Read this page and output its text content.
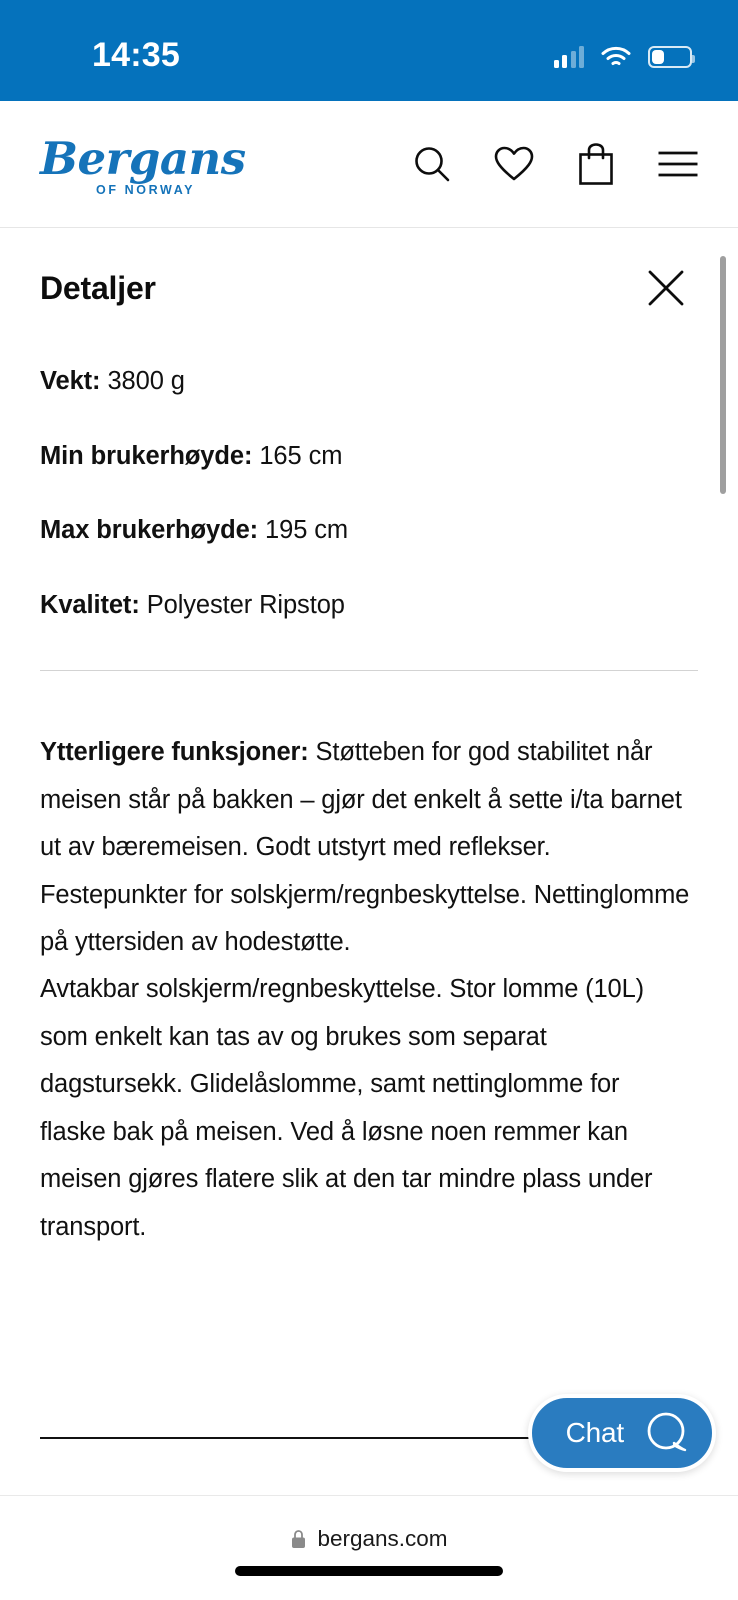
14:35
Bergans
OF NORWAY
Detaljer
Vekt: 3800 g
Min brukerhøyde: 165 cm
Max brukerhøyde: 195 cm
Kvalitet: Polyester Ripstop

Ytterligere funksjoner: Støtteben for god stabilitet når meisen står på bakken – gjør det enkelt å sette i/ta barnet ut av bæremeisen. Godt utstyrt med reflekser. Festepunkter for solskjerm/regnbeskyttelse. Nettinglomme på yttersiden av hodestøtte.

Avtakbar solskjerm/regnbeskyttelse. Stor lomme (10L) som enkelt kan tas av og brukes som separat dagstursekk. Glidelåslomme, samt nettinglomme for flaske bak på meisen. Ved å løsne noen remmer kan meisen gjøres flatere slik at den tar mindre plass under transport.

Chat
bergans.com
